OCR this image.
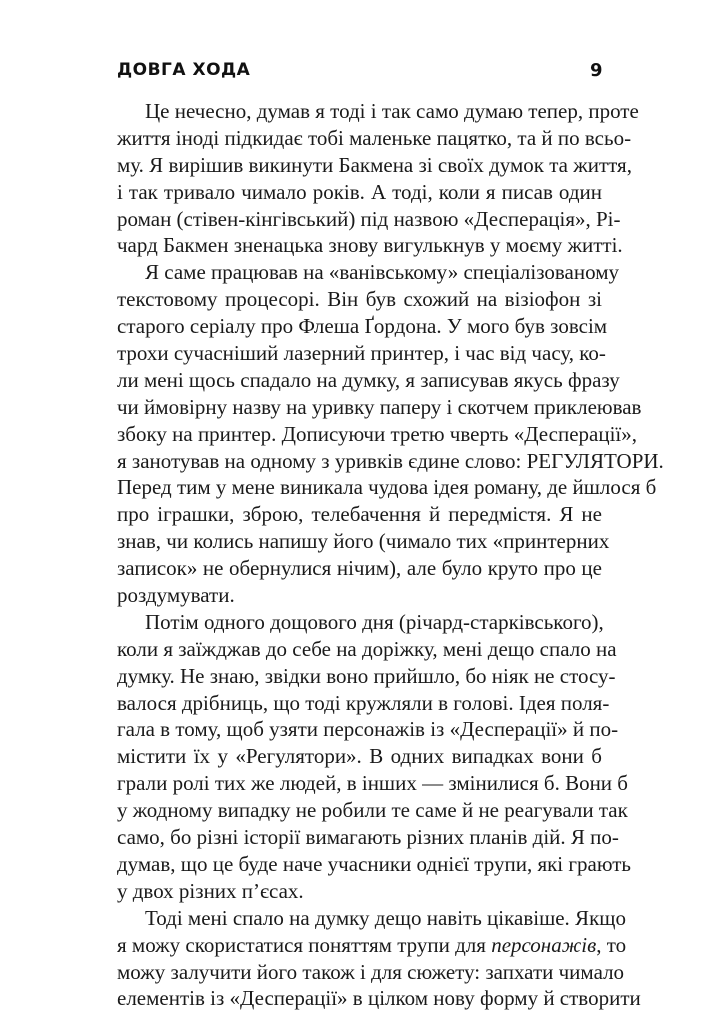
ДОВГА ХОДА	9
Це нечесно, думав я тоді і так само думаю тепер, проте
життя іноді підкидає тобі маленьке пацятко, та й по всьо-
му. Я вирішив викинути Бакмена зі своїх думок та життя,
і так тривало чимало років. А тоді, коли я писав один
роман (стівен-кінгівський) під назвою «Десперація», Рі-
чард Бакмен зненацька знову вигулькнув у моєму житті.
Я саме працював на «ванівському» спеціалізованому
текстовому процесорі. Він був схожий на візіофон зі
старого серіалу про Флеша Ґордона. У мого був зовсім
трохи сучасніший лазерний принтер, і час від часу, ко-
ли мені щось спадало на думку, я записував якусь фразу
чи ймовірну назву на уривку паперу і скотчем приклеював
збоку на принтер. Дописуючи третю чверть «Десперації»,
я занотував на одному з уривків єдине слово: РЕГУЛЯТОРИ.
Перед тим у мене виникала чудова ідея роману, де йшлося б
про іграшки, зброю, телебачення й передмістя. Я не
знав, чи колись напишу його (чимало тих «принтерних
записок» не обернулися нічим), але було круто про це
роздумувати.
Потім одного дощового дня (річард-старківського),
коли я заїжджав до себе на доріжку, мені дещо спало на
думку. Не знаю, звідки воно прийшло, бо ніяк не стосу-
валося дрібниць, що тоді кружляли в голові. Ідея поля-
гала в тому, щоб узяти персонажів із «Десперації» й по-
містити їх у «Регулятори». В одних випадках вони б
грали ролі тих же людей, в інших — змінилися б. Вони б
у жодному випадку не робили те саме й не реагували так
само, бо різні історії вимагають різних планів дій. Я по-
думав, що це буде наче учасники однієї трупи, які грають
у двох різних п’єсах.
Тоді мені спало на думку дещо навіть цікавіше. Якщо
я можу скористатися поняттям трупи для персонажів, то
можу залучити його також і для сюжету: запхати чимало
елементів із «Десперації» в цілком нову форму й створити
